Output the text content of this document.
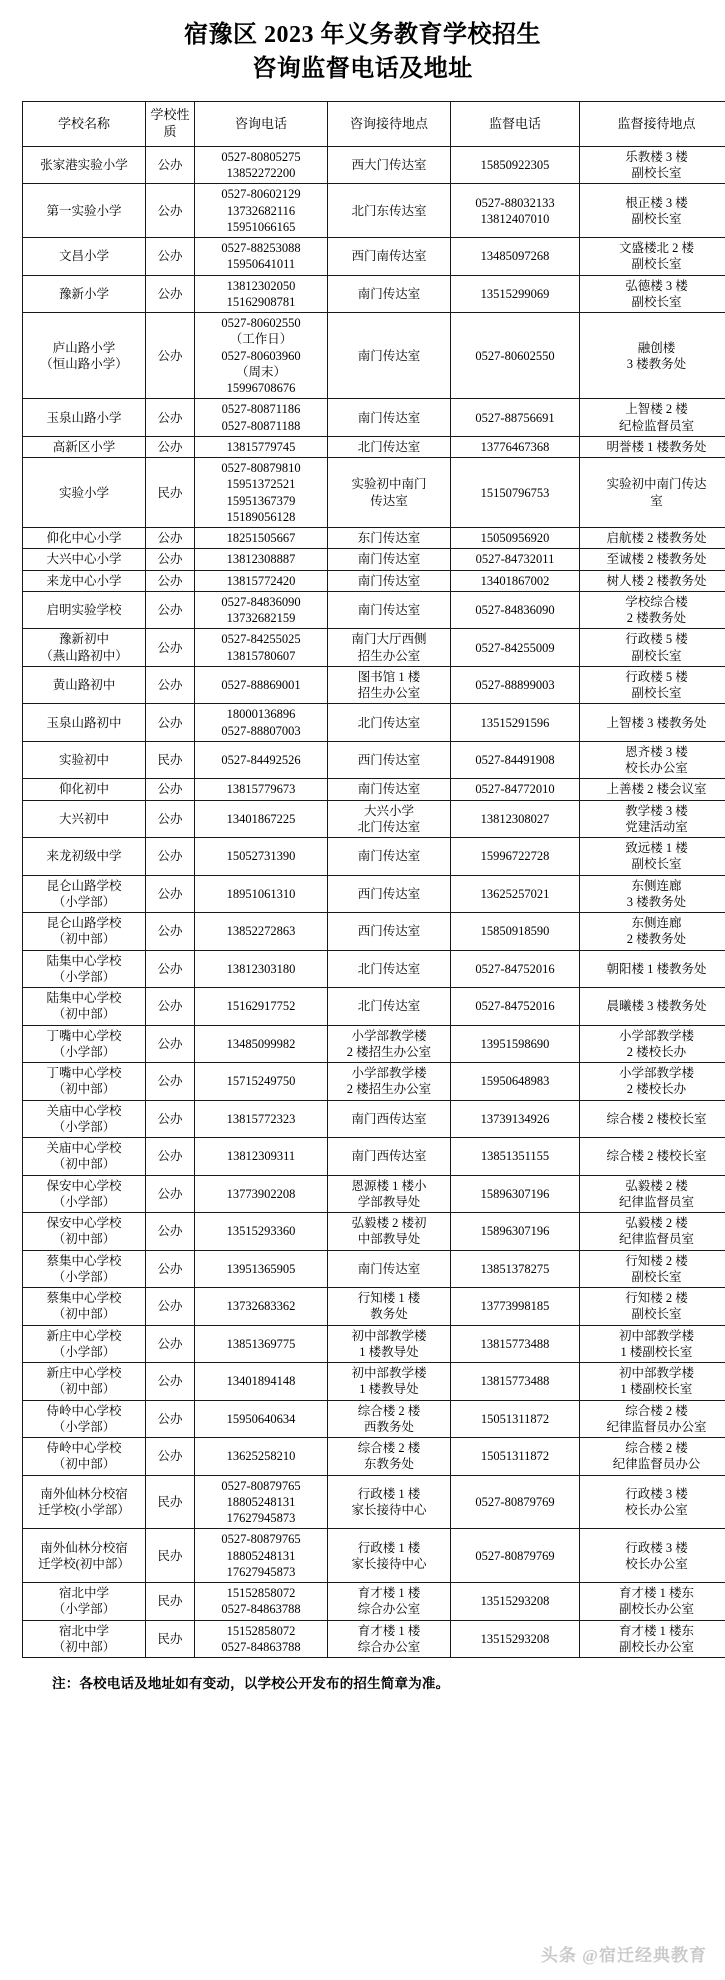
宿豫区 2023 年义务教育学校招生
咨询监督电话及地址
学校名称	学校性质	咨询电话	咨询接待地点	监督电话	监督接待地点

张家港实验小学	公办	0527-80805275
13852272200	西大门传达室	15850922305	乐教楼 3 楼
副校长室

第一实验小学	公办	0527-80602129
13732682116
15951066165	北门东传达室	0527-88032133
13812407010	根正楼 3 楼
副校长室

文昌小学	公办	0527-88253088
15950641011	西门南传达室	13485097268	文盛楼北 2 楼
副校长室

豫新小学	公办	13812302050
15162908781	南门传达室	13515299069	弘德楼 3 楼
副校长室

庐山路小学
（恒山路小学）	公办	0527-80602550
（工作日）
0527-80603960
（周末）
15996708676	南门传达室	0527-80602550	融创楼
3 楼教务处

玉泉山路小学	公办	0527-80871186
0527-80871188	南门传达室	0527-88756691	上智楼 2 楼
纪检监督员室

高新区小学	公办	13815779745	北门传达室	13776467368	明誉楼 1 楼教务处

实验小学	民办	0527-80879810
15951372521
15951367379
15189056128	实验初中南门
传达室	15150796753	实验初中南门传达
室

仰化中心小学	公办	18251505667	东门传达室	15050956920	启航楼 2 楼教务处

大兴中心小学	公办	13812308887	南门传达室	0527-84732011	至诚楼 2 楼教务处

来龙中心小学	公办	13815772420	南门传达室	13401867002	树人楼 2 楼教务处

启明实验学校	公办	0527-84836090
13732682159	南门传达室	0527-84836090	学校综合楼
2 楼教务处

豫新初中
（燕山路初中）	公办	0527-84255025
13815780607	南门大厅西侧
招生办公室	0527-84255009	行政楼 5 楼
副校长室

黄山路初中	公办	0527-88869001	图书馆 1 楼
招生办公室	0527-88899003	行政楼 5 楼
副校长室

玉泉山路初中	公办	18000136896
0527-88807003	北门传达室	13515291596	上智楼 3 楼教务处

实验初中	民办	0527-84492526	西门传达室	0527-84491908	恩齐楼 3 楼
校长办公室

仰化初中	公办	13815779673	南门传达室	0527-84772010	上善楼 2 楼会议室

大兴初中	公办	13401867225	大兴小学
北门传达室	13812308027	教学楼 3 楼
党建活动室

来龙初级中学	公办	15052731390	南门传达室	15996722728	致远楼 1 楼
副校长室

昆仑山路学校
（小学部）	公办	18951061310	西门传达室	13625257021	东侧连廊
3 楼教务处

昆仑山路学校
（初中部）	公办	13852272863	西门传达室	15850918590	东侧连廊
2 楼教务处

陆集中心学校
（小学部）	公办	13812303180	北门传达室	0527-84752016	朝阳楼 1 楼教务处

陆集中心学校
（初中部）	公办	15162917752	北门传达室	0527-84752016	晨曦楼 3 楼教务处

丁嘴中心学校
（小学部）	公办	13485099982	小学部教学楼
2 楼招生办公室	13951598690	小学部教学楼
2 楼校长办

丁嘴中心学校
（初中部）	公办	15715249750	小学部教学楼
2 楼招生办公室	15950648983	小学部教学楼
2 楼校长办

关庙中心学校
（小学部）	公办	13815772323	南门西传达室	13739134926	综合楼 2 楼校长室

关庙中心学校
（初中部）	公办	13812309311	南门西传达室	13851351155	综合楼 2 楼校长室

保安中心学校
（小学部）	公办	13773902208	恩源楼 1 楼小
学部教导处	15896307196	弘毅楼 2 楼
纪律监督员室

保安中心学校
（初中部）	公办	13515293360	弘毅楼 2 楼初
中部教导处	15896307196	弘毅楼 2 楼
纪律监督员室

蔡集中心学校
（小学部）	公办	13951365905	南门传达室	13851378275	行知楼 2 楼
副校长室

蔡集中心学校
（初中部）	公办	13732683362	行知楼 1 楼
教务处	13773998185	行知楼 2 楼
副校长室

新庄中心学校
（小学部）	公办	13851369775	初中部教学楼
1 楼教导处	13815773488	初中部教学楼
1 楼副校长室

新庄中心学校
（初中部）	公办	13401894148	初中部教学楼
1 楼教导处	13815773488	初中部教学楼
1 楼副校长室

侍岭中心学校
（小学部）	公办	15950640634	综合楼 2 楼
西教务处	15051311872	综合楼 2 楼
纪律监督员办公室

侍岭中心学校
（初中部）	公办	13625258210	综合楼 2 楼
东教务处	15051311872	综合楼 2 楼
纪律监督员办公

南外仙林分校宿
迁学校(小学部）	民办	0527-80879765
18805248131
17627945873	行政楼 1 楼
家长接待中心	0527-80879769	行政楼 3 楼
校长办公室

南外仙林分校宿
迁学校(初中部）	民办	0527-80879765
18805248131
17627945873	行政楼 1 楼
家长接待中心	0527-80879769	行政楼 3 楼
校长办公室

宿北中学
（小学部）	民办	15152858072
0527-84863788	育才楼 1 楼
综合办公室	13515293208	育才楼 1 楼东
副校长办公室

宿北中学
（初中部）	民办	15152858072
0527-84863788	育才楼 1 楼
综合办公室	13515293208	育才楼 1 楼东
副校长办公室
注：各校电话及地址如有变动，以学校公开发布的招生简章为准。
头条 @宿迁经典教育
